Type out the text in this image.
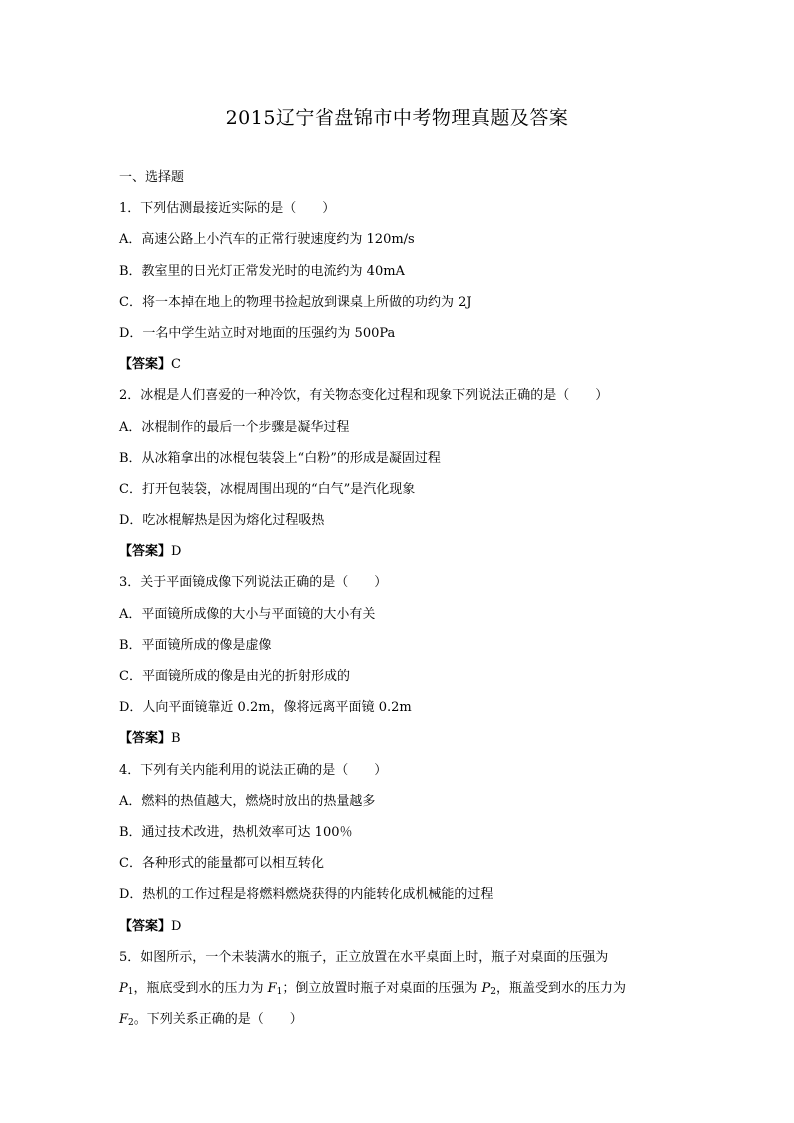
2015辽宁省盘锦市中考物理真题及答案
一、选择题
1．下列估测最接近实际的是（　　）
A．高速公路上小汽车的正常行驶速度约为 120m/s
B．教室里的日光灯正常发光时的电流约为 40mA
C．将一本掉在地上的物理书捡起放到课桌上所做的功约为 2J
D．一名中学生站立时对地面的压强约为 500Pa
【答案】C
2．冰棍是人们喜爱的一种冷饮，有关物态变化过程和现象下列说法正确的是（　　）
A．冰棍制作的最后一个步骤是凝华过程
B．从冰箱拿出的冰棍包装袋上“白粉”的形成是凝固过程
C．打开包装袋，冰棍周围出现的“白气”是汽化现象
D．吃冰棍解热是因为熔化过程吸热
【答案】D
3．关于平面镜成像下列说法正确的是（　　）
A．平面镜所成像的大小与平面镜的大小有关
B．平面镜所成的像是虚像
C．平面镜所成的像是由光的折射形成的
D．人向平面镜靠近 0.2m，像将远离平面镜 0.2m
【答案】B
4．下列有关内能利用的说法正确的是（　　）
A．燃料的热值越大，燃烧时放出的热量越多
B．通过技术改进，热机效率可达 100％
C．各种形式的能量都可以相互转化
D．热机的工作过程是将燃料燃烧获得的内能转化成机械能的过程
【答案】D
5．如图所示，一个未装满水的瓶子，正立放置在水平桌面上时，瓶子对桌面的压强为
$P_1$，瓶底受到水的压力为 $F_1$；倒立放置时瓶子对桌面的压强为 $P_2$，瓶盖受到水的压力为
$F_2$。下列关系正确的是（　　）
